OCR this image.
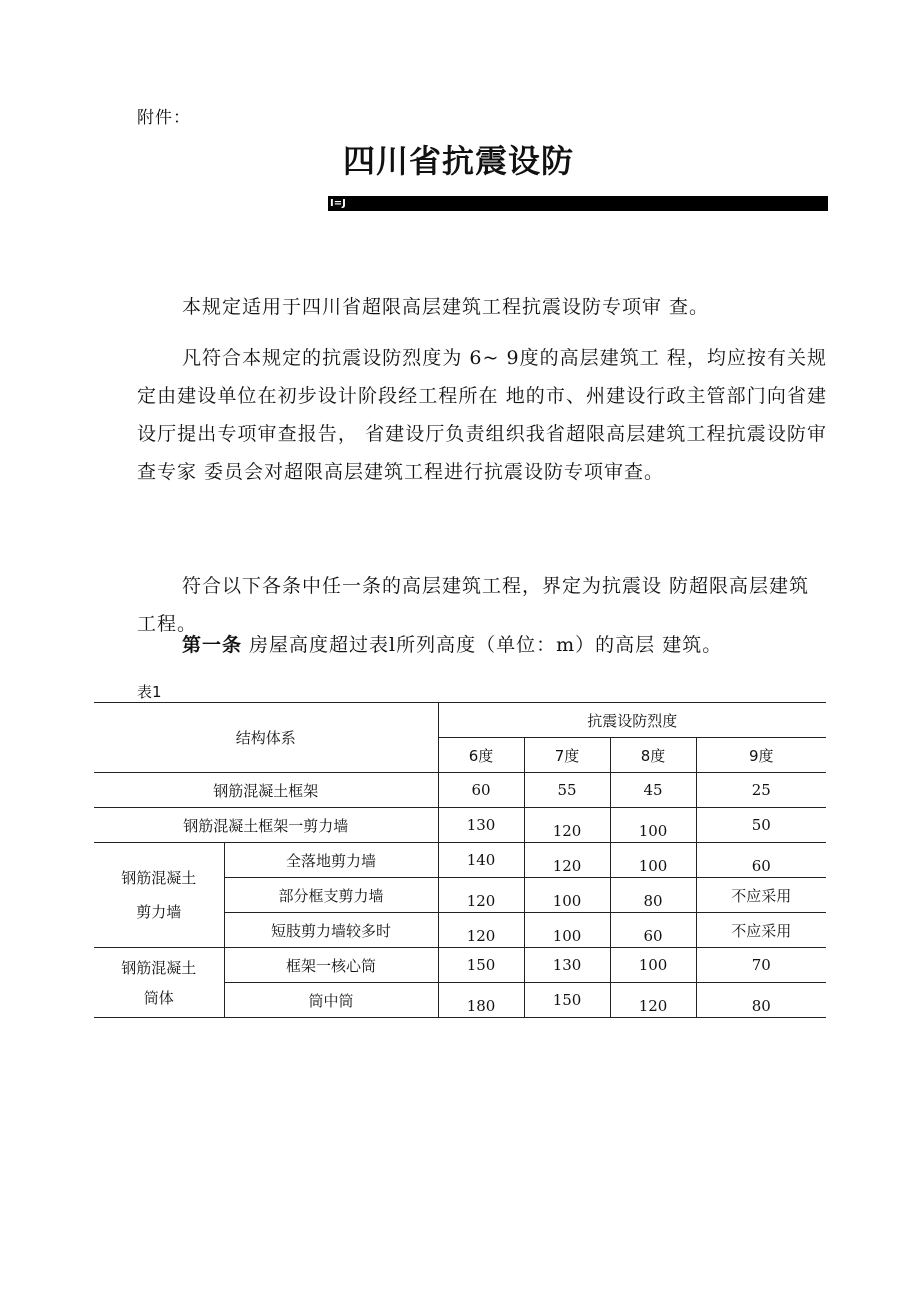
附件：
四川省抗震设防
I=J

本规定适用于四川省超限高层建筑工程抗震设防专项审 查。

凡符合本规定的抗震设防烈度为 6~ 9度的高层建筑工 程，均应按有关规定由建设单位在初步设计阶段经工程所在 地的市、州建设行政主管部门向省建设厅提出专项审查报告， 省建设厅负责组织我省超限高层建筑工程抗震设防审查专家 委员会对超限高层建筑工程进行抗震设防专项审查。

符合以下各条中任一条的高层建筑工程，界定为抗震设 防超限高层建筑工程。

第一条 房屋高度超过表l所列高度（单位：m）的高层 建筑。

表1
结构体系		抗震设防烈度			
		6度	7度	8度	9度
钢筋混凝土框架		60	55	45	25
钢筋混凝土框架一剪力墙		130	120	100	50

钢筋混凝土
剪力墙	全落地剪力墙	140	120	100	60
	部分框支剪力墙	120	100	80	不应采用
	短肢剪力墙较多时	120	100	60	不应采用

钢筋混凝土
筒体	框架一核心筒	150	130	100	70
	筒中筒	180	150	120	80
